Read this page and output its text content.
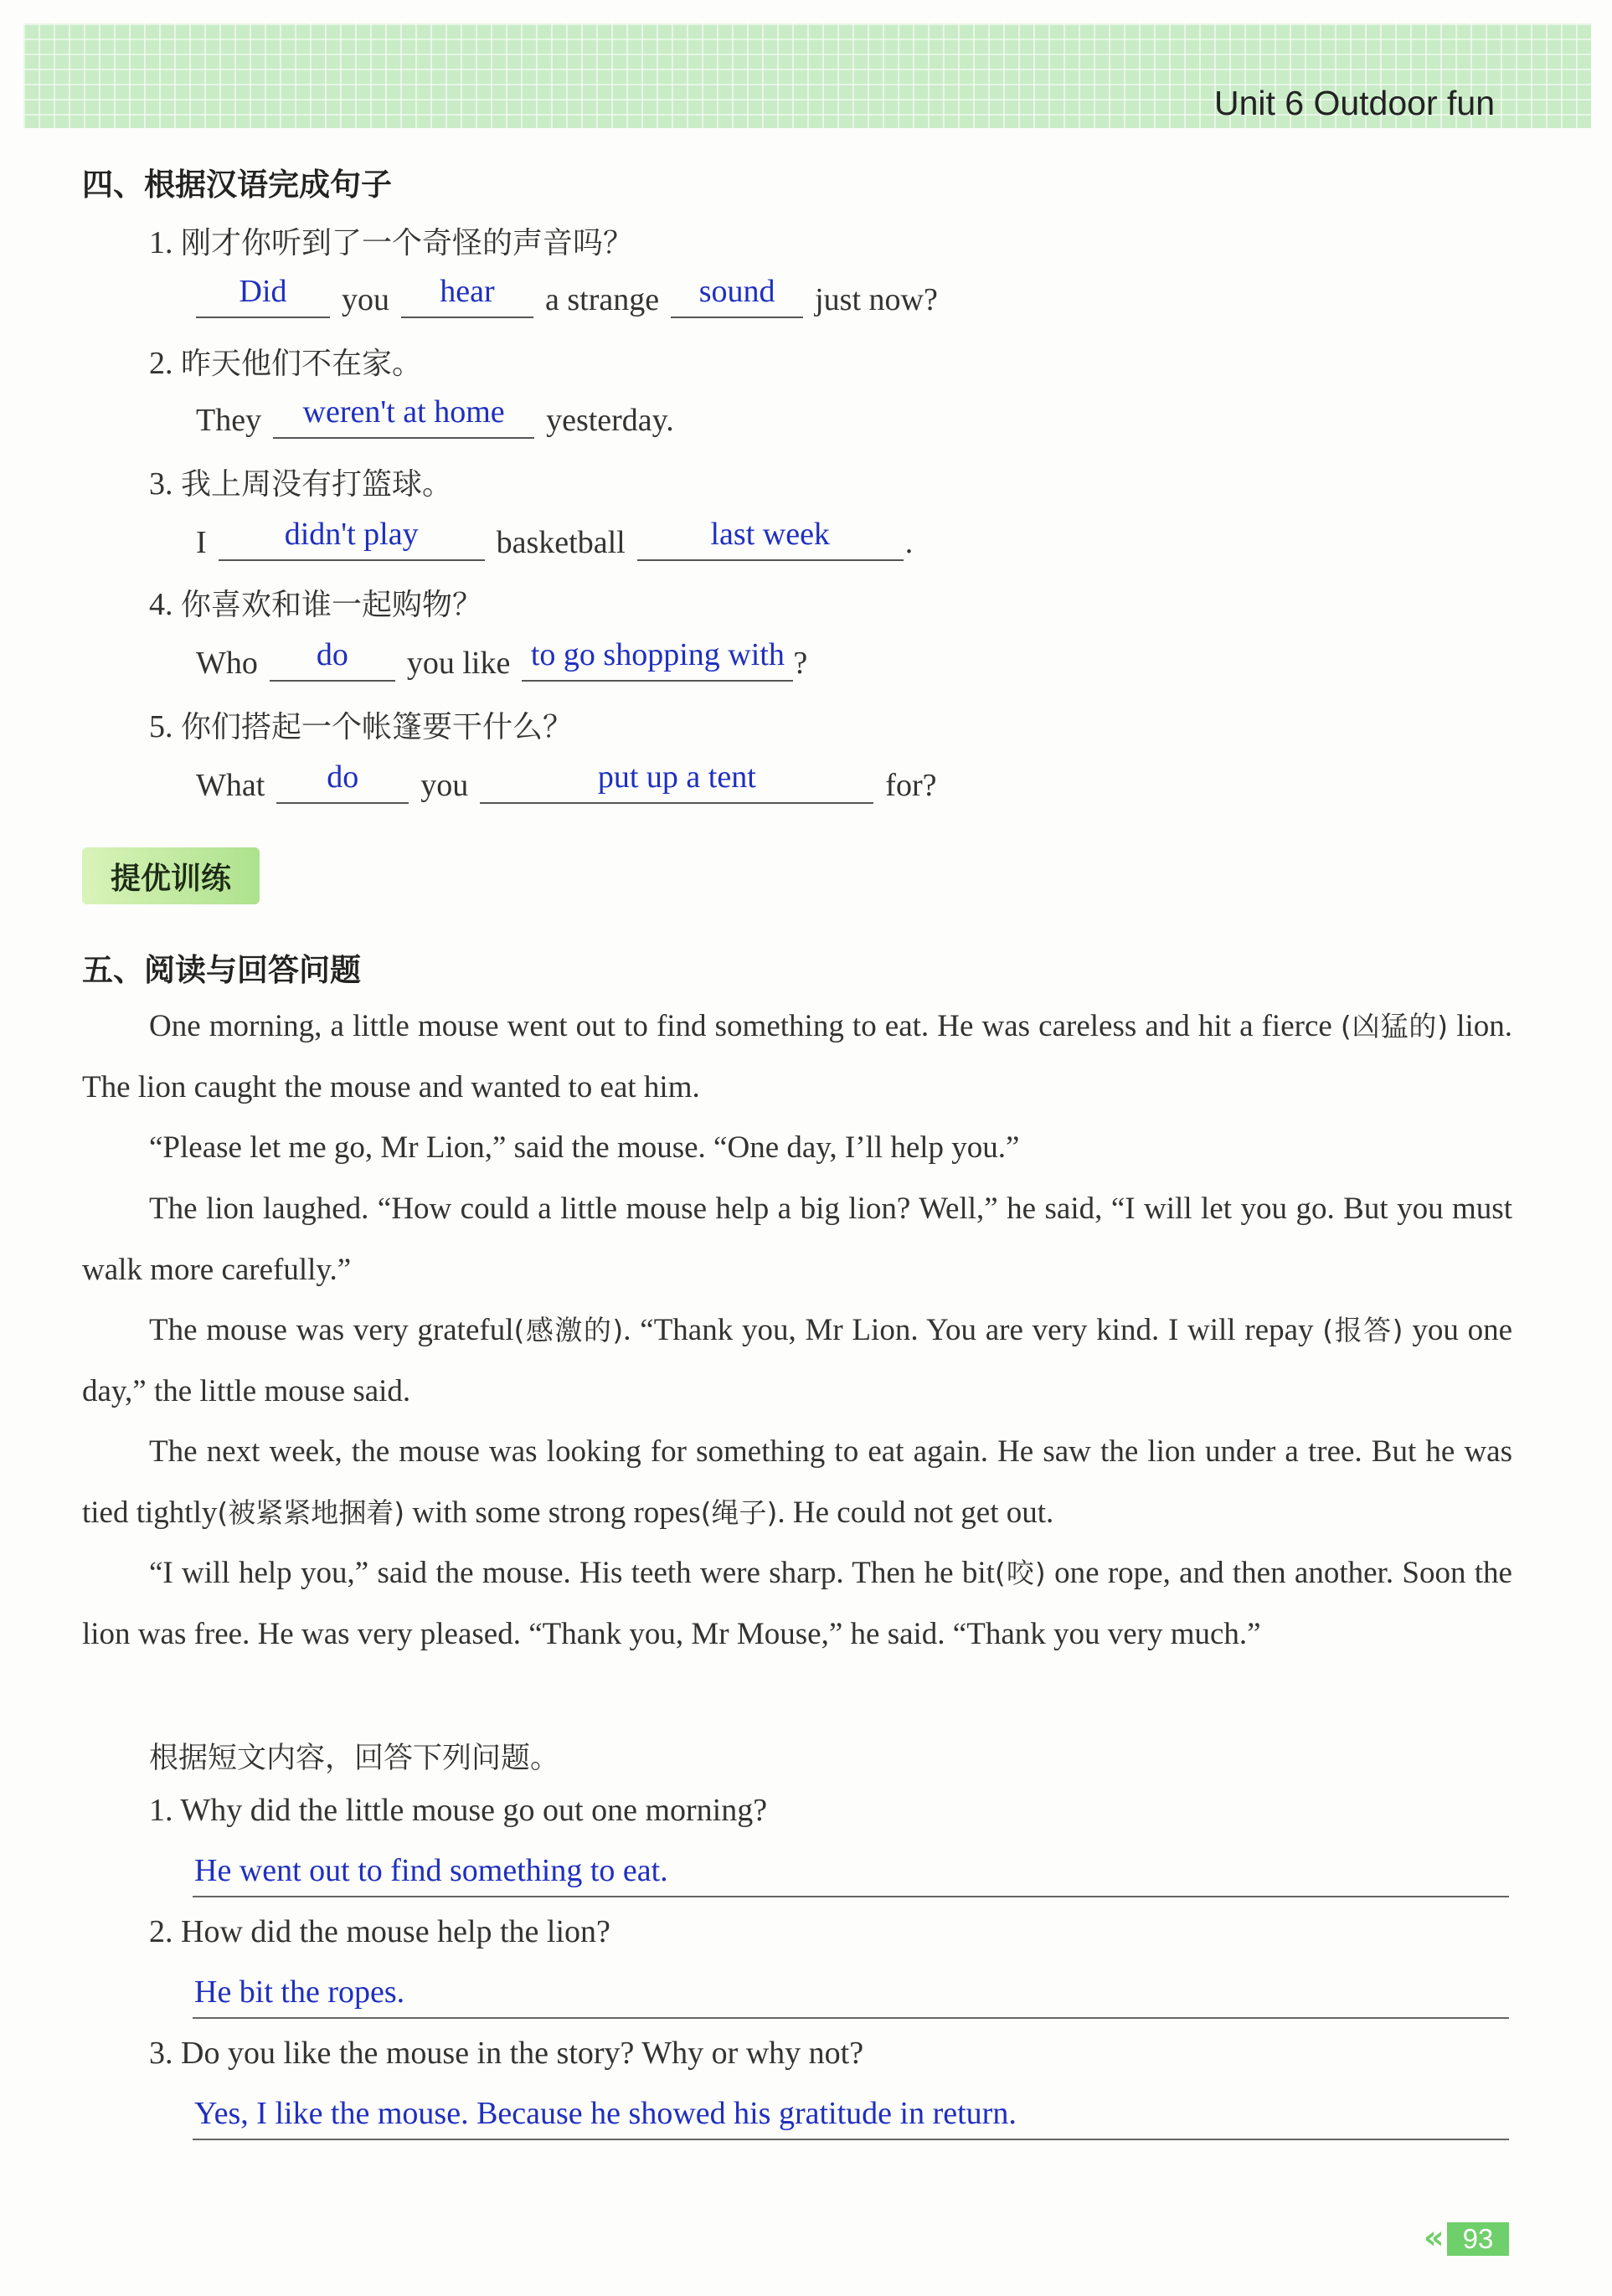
Unit 6 Outdoor fun
四、根据汉语完成句子
1. 刚才你听到了一个奇怪的声音吗？
Did	you	hear	a strange	sound	just now?
2. 昨天他们不在家。
They	weren't at home	yesterday.
3. 我上周没有打篮球。
I	didn't play	basketball	last week	.
4. 你喜欢和谁一起购物？
Who	do	you like to go shopping with ?
5. 你们搭起一个帐篷要干什么？
What	do	you	put up a tent	for?
提优训练
五、阅读与回答问题
One morning, a little mouse went out to find something to eat. He was careless and hit a fierce (凶猛的) lion. The lion caught the mouse and wanted to eat him.
“Please let me go, Mr Lion,” said the mouse. “One day, I’ll help you.”
The lion laughed. “How could a little mouse help a big lion? Well,” he said, “I will let you go. But you must walk more carefully.”
The mouse was very grateful(感激的). “Thank you, Mr Lion. You are very kind. I will repay (报答) you one day,” the little mouse said.
The next week, the mouse was looking for something to eat again. He saw the lion under a tree. But he was tied tightly(被紧紧地捆着) with some strong ropes(绳子). He could not get out.
“I will help you,” said the mouse. His teeth were sharp. Then he bit(咬) one rope, and then another. Soon the lion was free. He was very pleased. “Thank you, Mr Mouse,” he said. “Thank you very much.”
根据短文内容，回答下列问题。
1. Why did the little mouse go out one morning?
He went out to find something to eat.
2. How did the mouse help the lion?
He bit the ropes.
3. Do you like the mouse in the story? Why or why not?
Yes, I like the mouse. Because he showed his gratitude in return.
« 93
